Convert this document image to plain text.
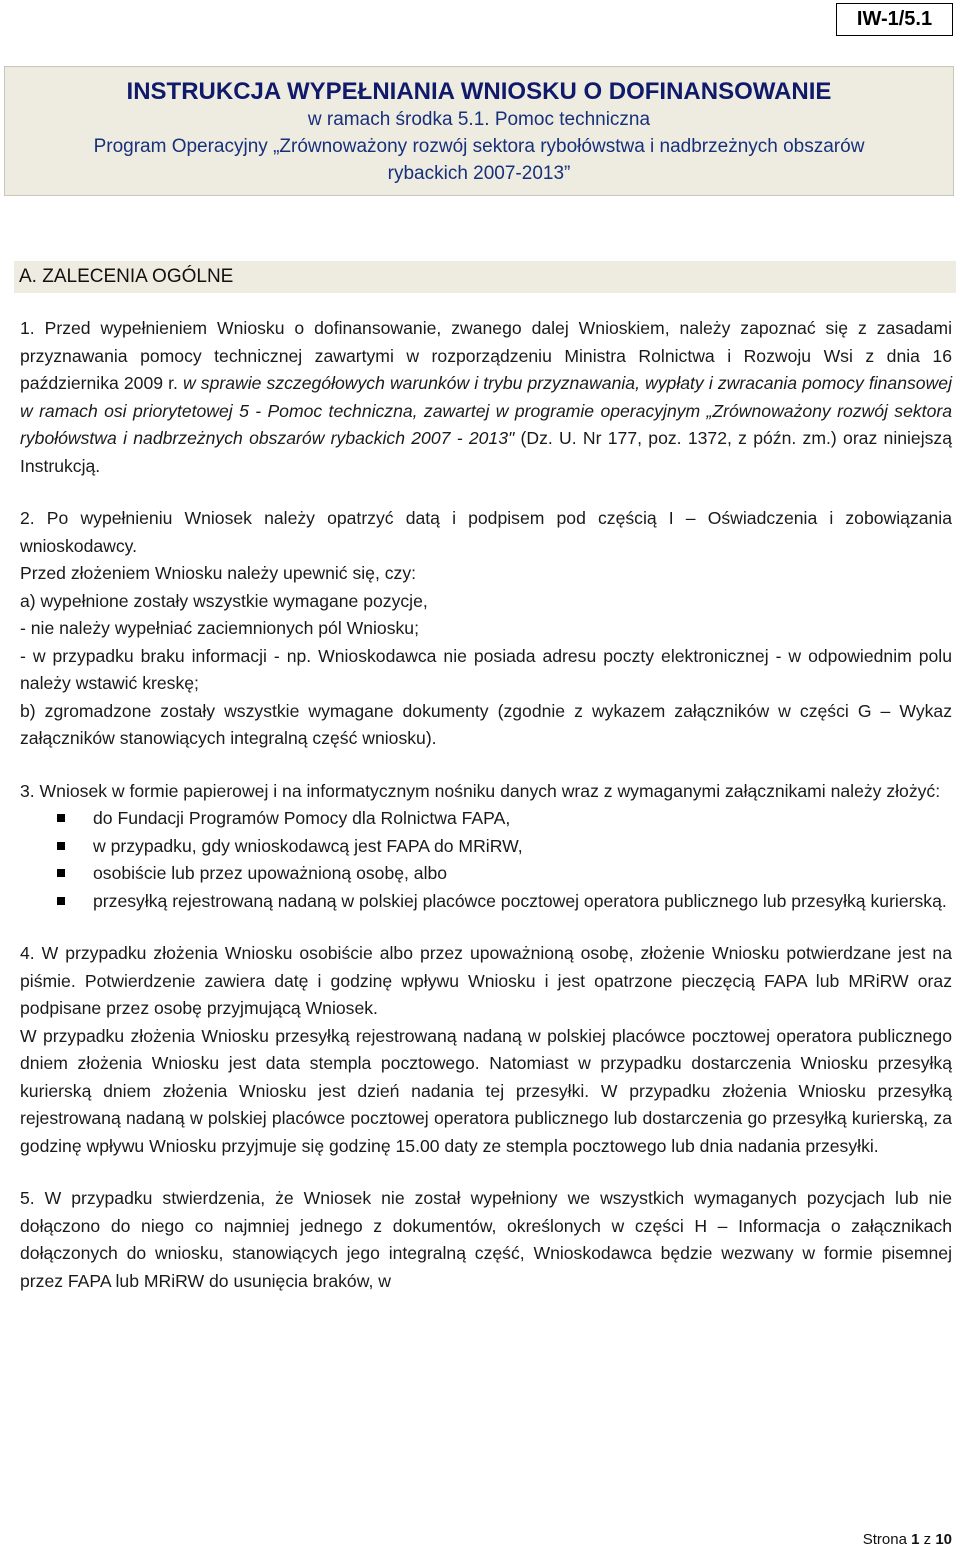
IW-1/5.1
INSTRUKCJA WYPEŁNIANIA WNIOSKU O DOFINANSOWANIE
w ramach środka 5.1. Pomoc techniczna
Program Operacyjny „Zrównoważony rozwój sektora rybołówstwa i nadbrzeżnych obszarów
rybackich 2007-2013”
A. ZALECENIA OGÓLNE

1. Przed wypełnieniem Wniosku o dofinansowanie, zwanego dalej Wnioskiem, należy zapoznać się z zasadami przyznawania pomocy technicznej zawartymi w rozporządzeniu Ministra Rolnictwa i Rozwoju Wsi z dnia 16 października 2009 r. w sprawie szczegółowych warunków i trybu przyznawania, wypłaty i zwracania pomocy finansowej w ramach osi priorytetowej 5 - Pomoc techniczna, zawartej w programie operacyjnym „Zrównoważony rozwój sektora rybołówstwa i nadbrzeżnych obszarów rybackich 2007 - 2013" (Dz. U. Nr 177, poz. 1372, z późn. zm.) oraz niniejszą Instrukcją.

2. Po wypełnieniu Wniosek należy opatrzyć datą i podpisem pod częścią I – Oświadczenia i zobowiązania wnioskodawcy.

Przed złożeniem Wniosku należy upewnić się, czy:

a) wypełnione zostały wszystkie wymagane pozycje,

- nie należy wypełniać zaciemnionych pól Wniosku;

- w przypadku braku informacji - np. Wnioskodawca nie posiada adresu poczty elektronicznej - w odpowiednim polu należy wstawić kreskę;

b) zgromadzone zostały wszystkie wymagane dokumenty (zgodnie z wykazem załączników w części G – Wykaz załączników stanowiących integralną część wniosku).

3. Wniosek w formie papierowej i na informatycznym nośniku danych wraz z wymaganymi załącznikami należy złożyć:

do Fundacji Programów Pomocy dla Rolnictwa FAPA,
w przypadku, gdy wnioskodawcą jest FAPA do MRiRW,
osobiście lub przez upoważnioną osobę, albo
przesyłką rejestrowaną nadaną w polskiej placówce pocztowej operatora publicznego lub przesyłką kurierską.

4. W przypadku złożenia Wniosku osobiście albo przez upoważnioną osobę, złożenie Wniosku potwierdzane jest na piśmie. Potwierdzenie zawiera datę i godzinę wpływu Wniosku i jest opatrzone pieczęcią FAPA lub MRiRW oraz podpisane przez osobę przyjmującą Wniosek.

W przypadku złożenia Wniosku przesyłką rejestrowaną nadaną w polskiej placówce pocztowej operatora publicznego dniem złożenia Wniosku jest data stempla pocztowego. Natomiast w przypadku dostarczenia Wniosku przesyłką kurierską dniem złożenia Wniosku jest dzień nadania tej przesyłki. W przypadku złożenia Wniosku przesyłką rejestrowaną nadaną w polskiej placówce pocztowej operatora publicznego lub dostarczenia go przesyłką kurierską, za godzinę wpływu Wniosku przyjmuje się godzinę 15.00 daty ze stempla pocztowego lub dnia nadania przesyłki.

5. W przypadku stwierdzenia, że Wniosek nie został wypełniony we wszystkich wymaganych pozycjach lub nie dołączono do niego co najmniej jednego z dokumentów, określonych w części H – Informacja o załącznikach dołączonych do wniosku, stanowiących jego integralną część, Wnioskodawca będzie wezwany w formie pisemnej przez FAPA lub MRiRW do usunięcia braków, w

Strona 1 z 10
